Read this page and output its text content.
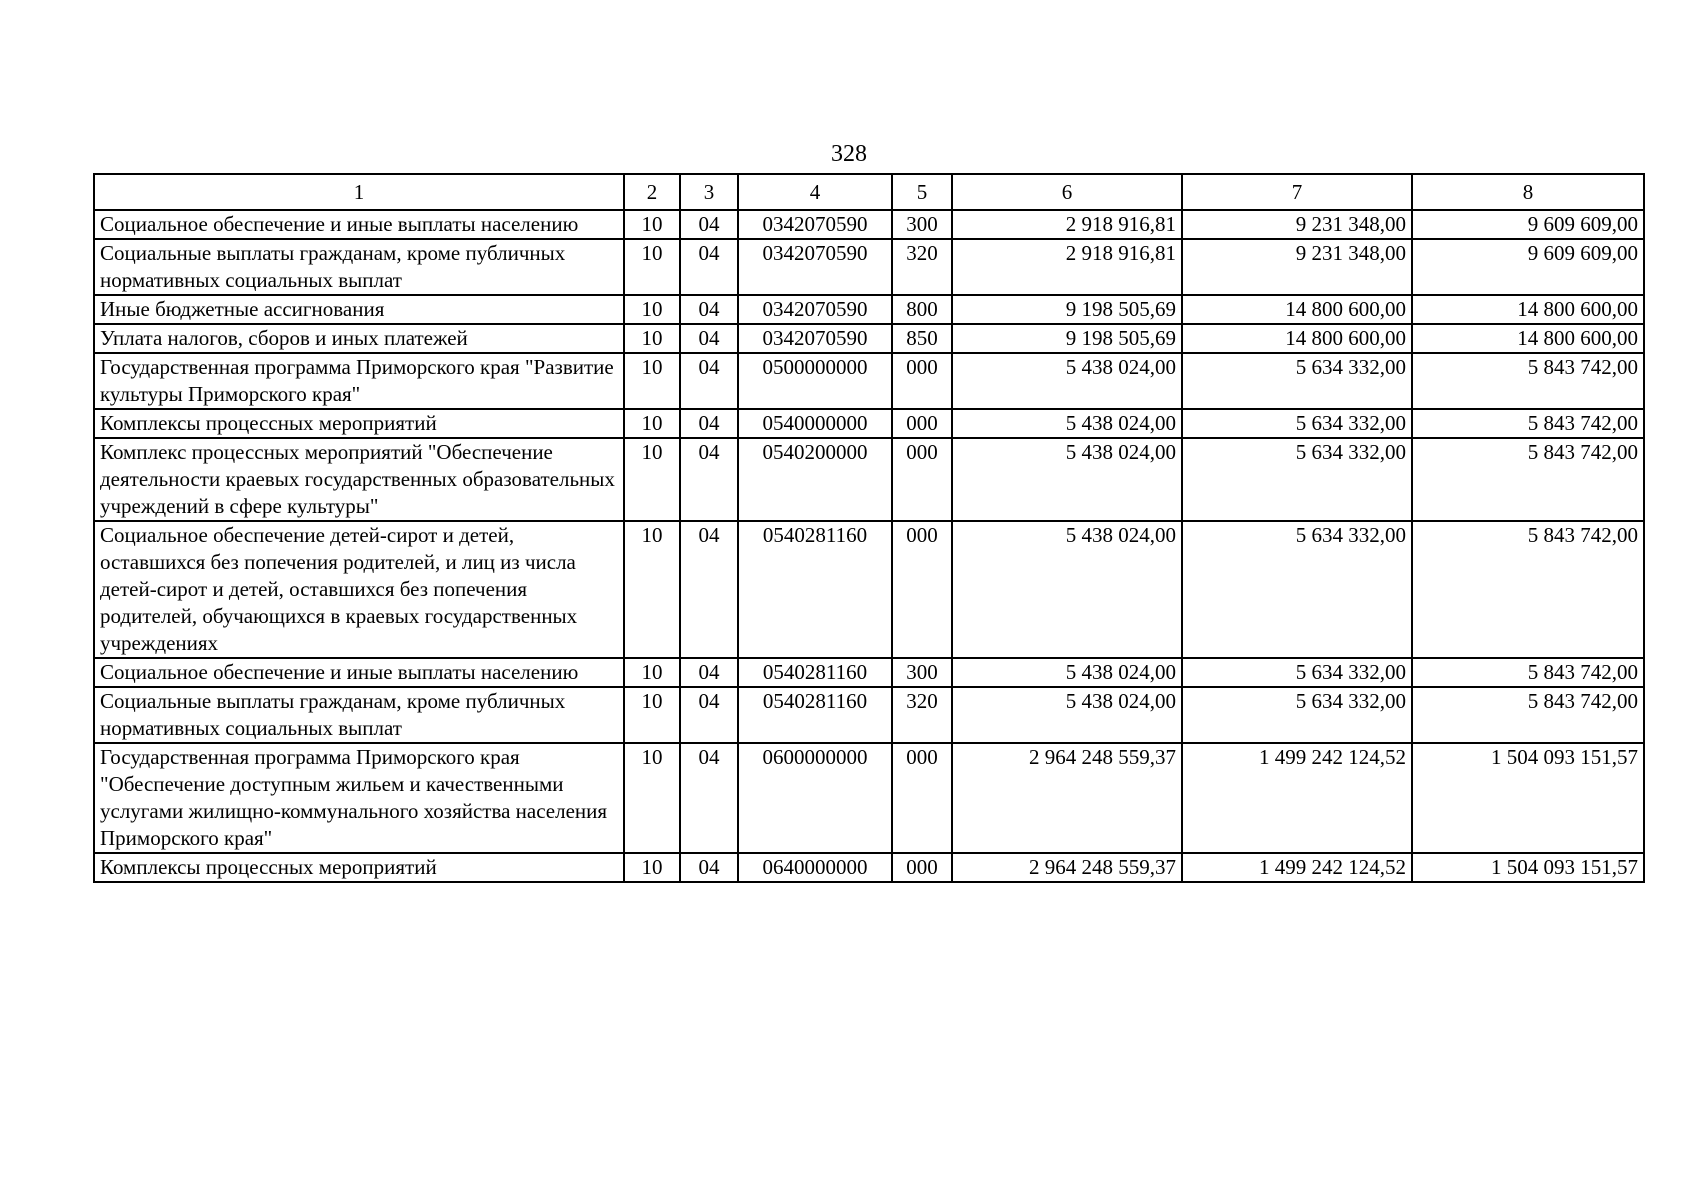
328
1	2	3	4	5	6	7	8
Социальное обеспечение и иные выплаты населению	10	04	0342070590	300	2 918 916,81	9 231 348,00	9 609 609,00
Социальные выплаты гражданам, кроме публичных нормативных социальных выплат	10	04	0342070590	320	2 918 916,81	9 231 348,00	9 609 609,00
Иные бюджетные ассигнования	10	04	0342070590	800	9 198 505,69	14 800 600,00	14 800 600,00
Уплата налогов, сборов и иных платежей	10	04	0342070590	850	9 198 505,69	14 800 600,00	14 800 600,00
Государственная программа Приморского края "Развитие культуры Приморского края"	10	04	0500000000	000	5 438 024,00	5 634 332,00	5 843 742,00
Комплексы процессных мероприятий	10	04	0540000000	000	5 438 024,00	5 634 332,00	5 843 742,00
Комплекс процессных мероприятий "Обеспечение деятельности краевых государственных образовательных учреждений в сфере культуры"	10	04	0540200000	000	5 438 024,00	5 634 332,00	5 843 742,00
Социальное обеспечение детей-сирот и детей, оставшихся без попечения родителей, и лиц из числа детей-сирот и детей, оставшихся без попечения родителей, обучающихся в краевых государственных учреждениях	10	04	0540281160	000	5 438 024,00	5 634 332,00	5 843 742,00
Социальное обеспечение и иные выплаты населению	10	04	0540281160	300	5 438 024,00	5 634 332,00	5 843 742,00
Социальные выплаты гражданам, кроме публичных нормативных социальных выплат	10	04	0540281160	320	5 438 024,00	5 634 332,00	5 843 742,00
Государственная программа Приморского края "Обеспечение доступным жильем и качественными услугами жилищно-коммунального хозяйства населения Приморского края"	10	04	0600000000	000	2 964 248 559,37	1 499 242 124,52	1 504 093 151,57
Комплексы процессных мероприятий	10	04	0640000000	000	2 964 248 559,37	1 499 242 124,52	1 504 093 151,57
